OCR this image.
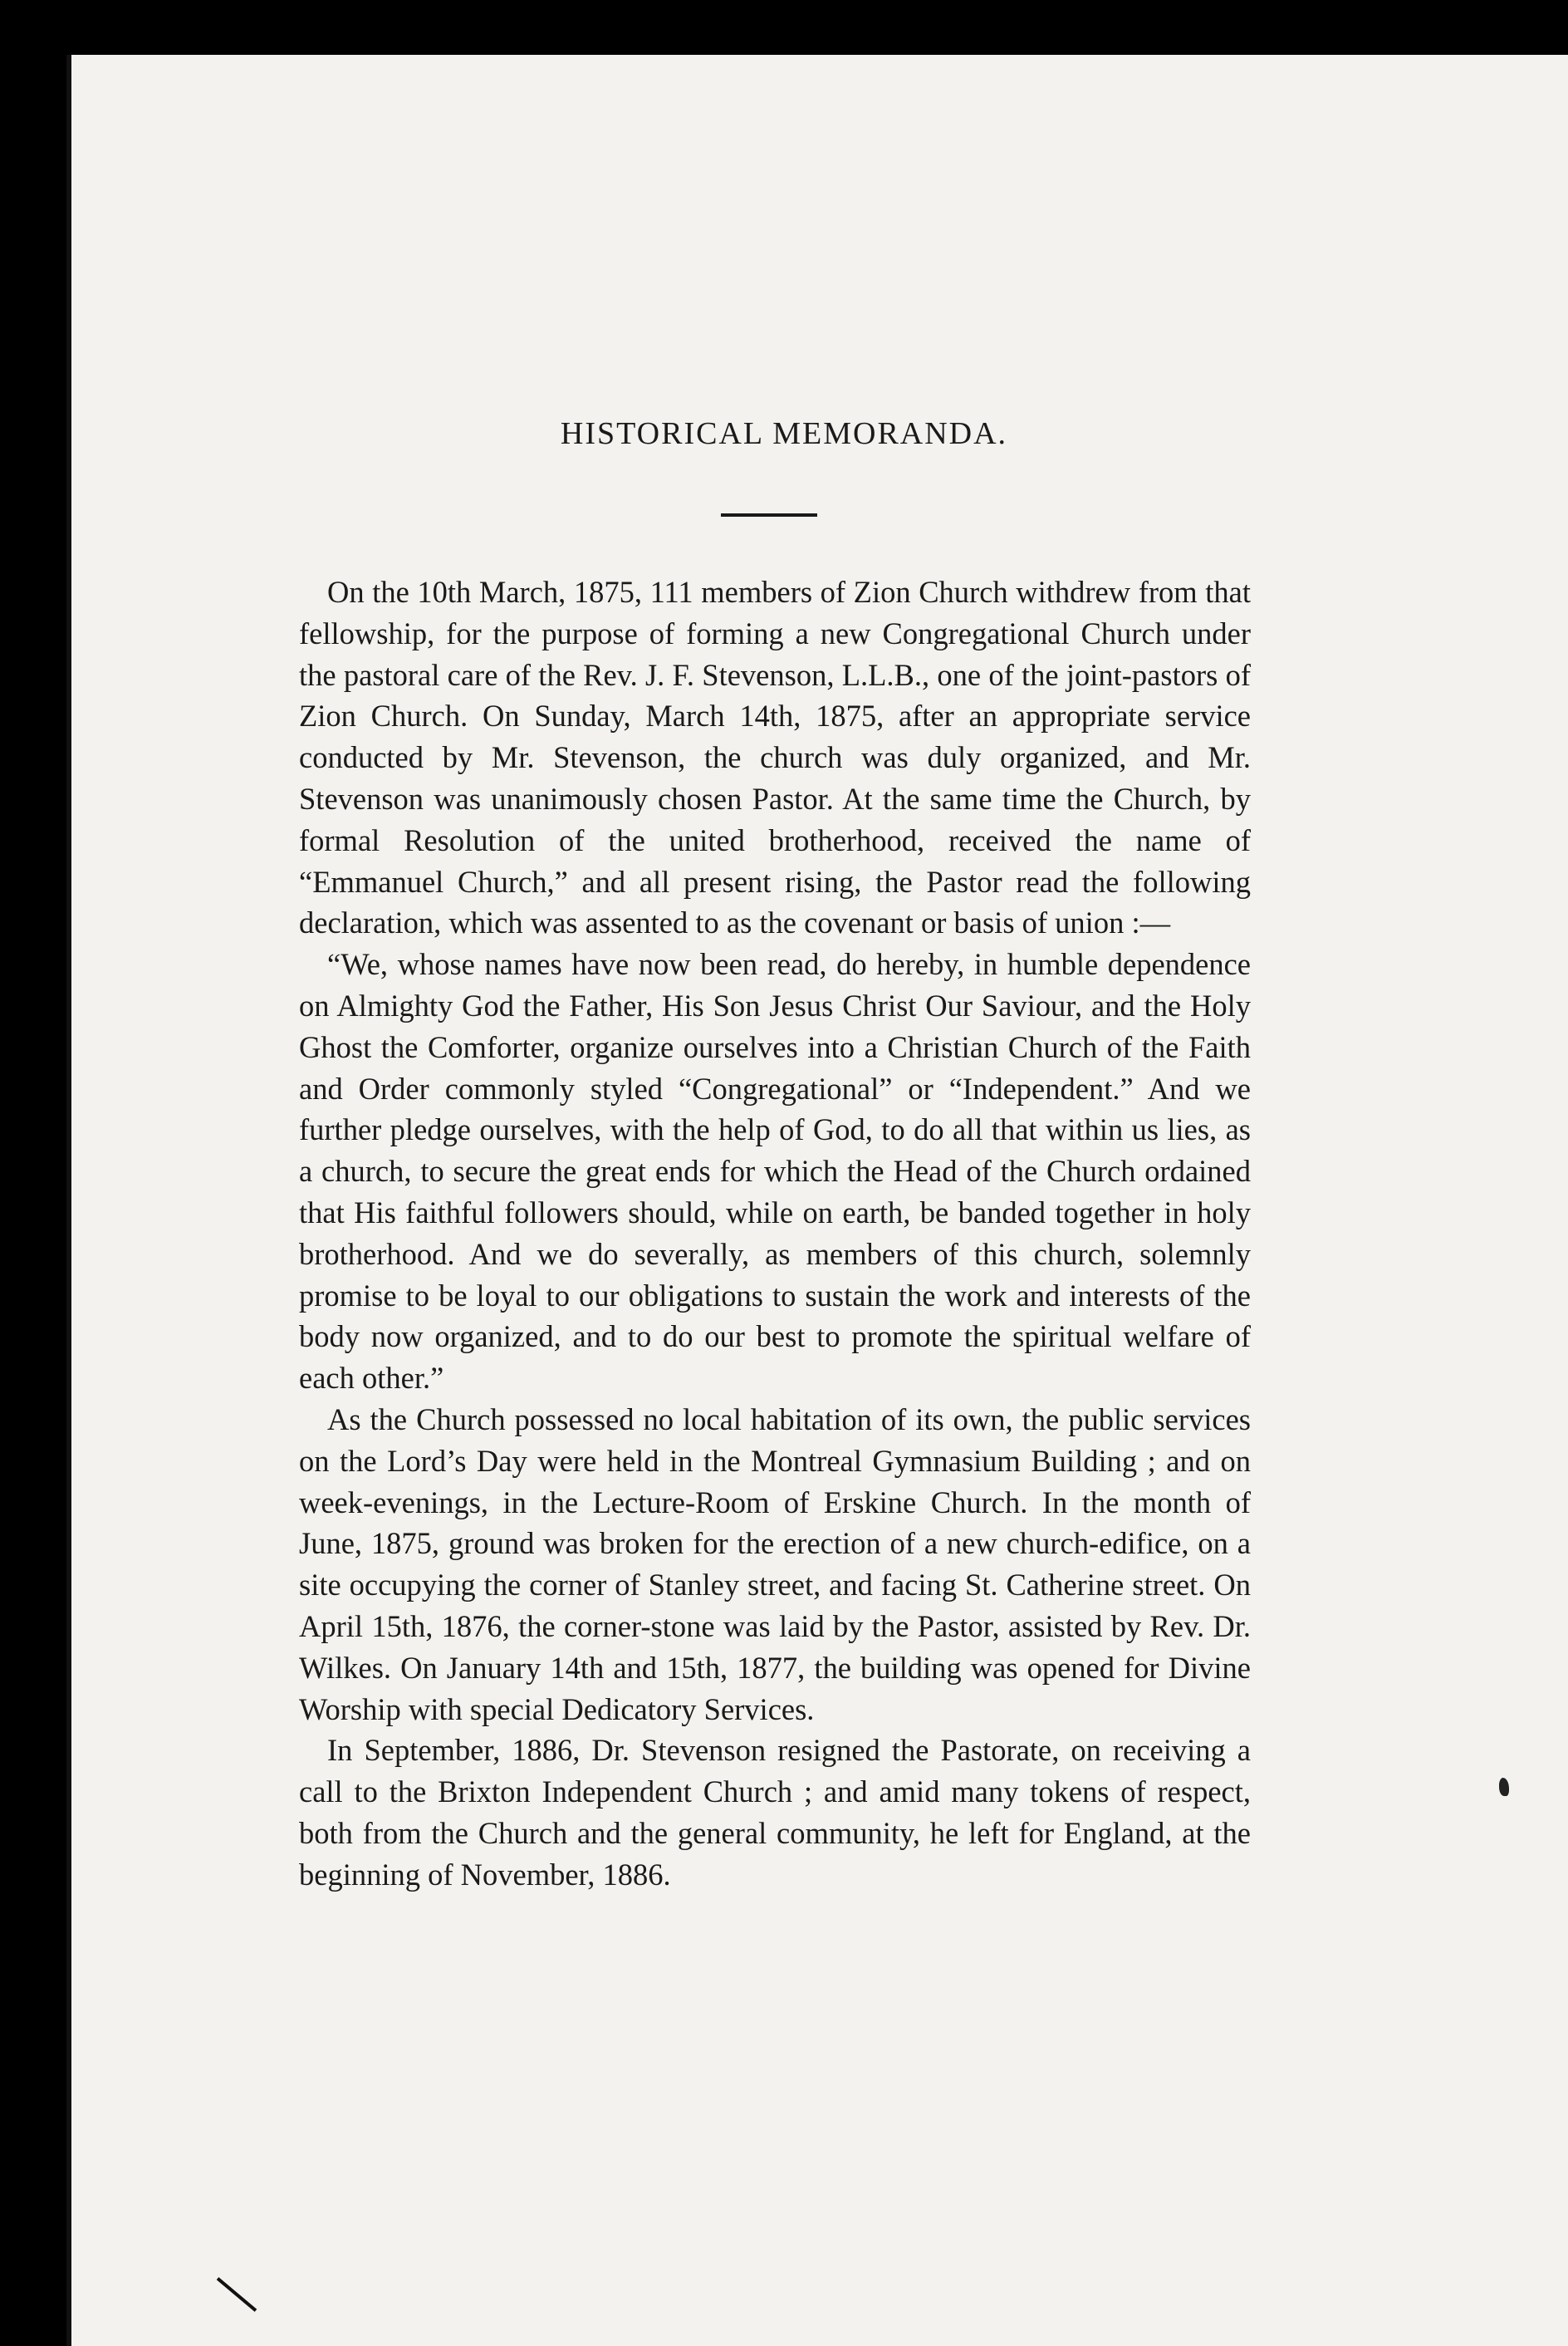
HISTORICAL MEMORANDA.

On the 10th March, 1875, 111 members of Zion Church withdrew from that fellowship, for the purpose of forming a new Congregational Church under the pastoral care of the Rev. J. F. Stevenson, L.L.B., one of the joint-pastors of Zion Church. On Sunday, March 14th, 1875, after an appropriate service conducted by Mr. Stevenson, the church was duly organized, and Mr. Stevenson was unanimously chosen Pastor. At the same time the Church, by formal Resolution of the united brotherhood, received the name of “Emmanuel Church,” and all present rising, the Pastor read the following declaration, which was assented to as the covenant or basis of union :—

“We, whose names have now been read, do hereby, in humble dependence on Almighty God the Father, His Son Jesus Christ Our Saviour, and the Holy Ghost the Comforter, organize ourselves into a Christian Church of the Faith and Order commonly styled “Congregational” or “Independent.” And we further pledge ourselves, with the help of God, to do all that within us lies, as a church, to secure the great ends for which the Head of the Church ordained that His faithful followers should, while on earth, be banded together in holy brotherhood. And we do severally, as members of this church, solemnly promise to be loyal to our obligations to sustain the work and interests of the body now organized, and to do our best to promote the spiritual welfare of each other.”

As the Church possessed no local habitation of its own, the public services on the Lord’s Day were held in the Montreal Gymnasium Building ; and on week-evenings, in the Lecture-Room of Erskine Church. In the month of June, 1875, ground was broken for the erection of a new church-edifice, on a site occupying the corner of Stanley street, and facing St. Catherine street. On April 15th, 1876, the corner-stone was laid by the Pastor, assisted by Rev. Dr. Wilkes. On January 14th and 15th, 1877, the building was opened for Divine Worship with special Dedicatory Services.

In September, 1886, Dr. Stevenson resigned the Pastorate, on receiving a call to the Brixton Independent Church ; and amid many tokens of respect, both from the Church and the general community, he left for England, at the beginning of November, 1886.
